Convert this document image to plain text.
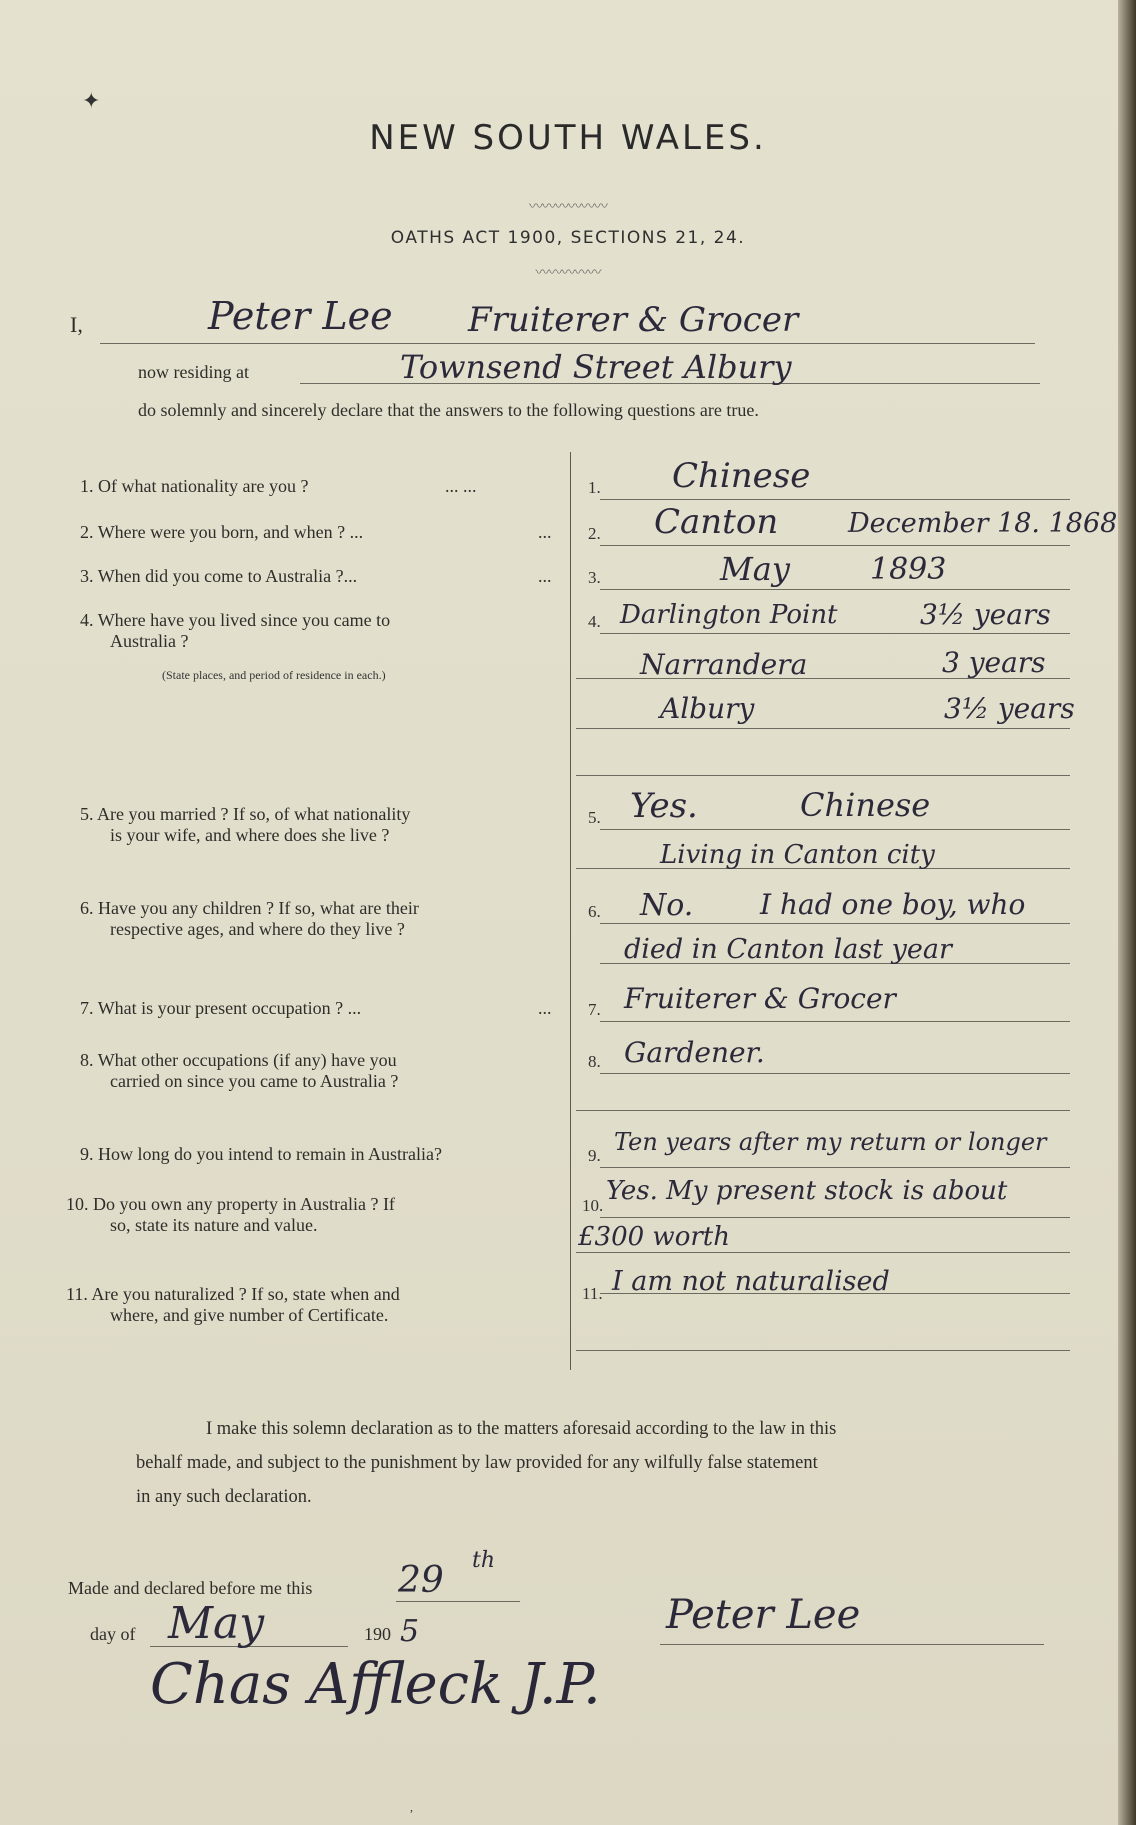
✦
NEW SOUTH WALES.
〰〰〰〰〰〰
OATHS ACT 1900, SECTIONS 21, 24.
〰〰〰〰〰
I,	Peter Lee Fruiterer & Grocer
now residing at	Townsend Street Albury
do solemnly and sincerely declare that the answers to the following questions are true.
1. Of what nationality are you ?	... ...	1. Chinese
2. Where were you born, and when ? ...	... 2. Canton	December 18. 1868
3. When did you come to Australia ?...	... 3.	May	1893
4. Where have you lived since you came to
Australia ?
(State places, and period of residence in each.)
4. Darlington Point	3½ years
Narrandera	3 years
Albury	3½ years
5. Are you married ? If so, of what nationality
is your wife, and where does she live ?
5. Yes.	Chinese
Living in Canton city
6. Have you any children ? If so, what are their
respective ages, and where do they live ?
6. No. I had one boy, who
died in Canton last year
7. What is your present occupation ? ...	... 7. Fruiterer & Grocer
8. What other occupations (if any) have you
carried on since you came to Australia ?
8. Gardener.
9. How long do you intend to remain in Australia?	9. Ten years after my return or longer
10. Do you own any property in Australia ? If
so, state its nature and value.
10. Yes. My present stock is about
£300 worth
11. Are you naturalized ? If so, state when and
where, and give number of Certificate.
11. I am not naturalised
I make this solemn declaration as to the matters aforesaid according to the law in this
behalf made, and subject to the punishment by law provided for any wilfully false statement
in any such declaration.
Made and declared before me this 29 th
day of May	190 5
Chas Affleck J.P.
Peter Lee
,
